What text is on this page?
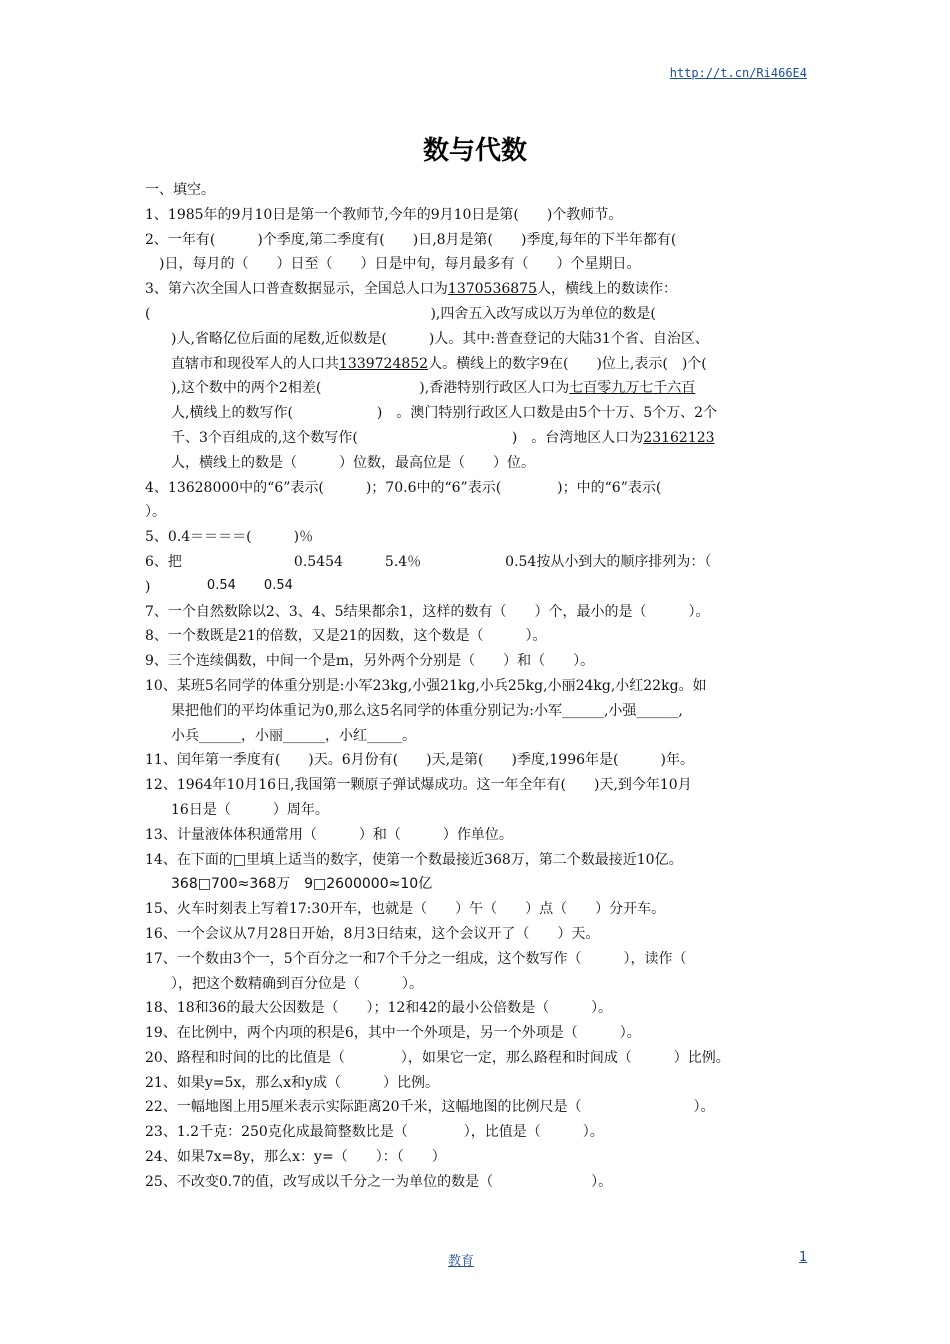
http://t.cn/Ri466E4
数与代数
一、填空。
1、1985年的9月10日是第一个教师节,今年的9月10日是第(　　)个教师节。
2、一年有(　　　)个季度,第二季度有(　　)日,8月是第(　　)季度,每年的下半年都有(
　)日，每月的（　　）日至（　　）日是中旬，每月最多有（　　）个星期日。
3、第六次全国人口普查数据显示，全国总人口为1370536875人，横线上的数读作：
(　　　　　　　　　　　　　　　　　　　　),四舍五入改写成以万为单位的数是(
)人,省略亿位后面的尾数,近似数是(　　　)人。其中:普查登记的大陆31个省、自治区、
直辖市和现役军人的人口共1339724852人。横线上的数字9在(　　)位上,表示(　)个(
),这个数中的两个2相差(　　　　　　　),香港特别行政区人口为七百零九万七千六百
人,横线上的数写作(　　　　　　)　。澳门特别行政区人口数是由5个十万、5个万、2个
千、3个百组成的,这个数写作(　　　　　　　　　　　)　。台湾地区人口为23162123
人，横线上的数是（　　　）位数，最高位是（　　）位。
4、13628000中的“6”表示(　　　)；70.6中的“6”表示(　　　　)；中的“6”表示(
）。
5、0.4＝＝＝＝(　　　)％
6、把
0.54̇ 0.54
0.5454　　　5.4％　　　　　　0.54按从小到大的顺序排列为：（
)
7、一个自然数除以2、3、4、5结果都余1，这样的数有（　　）个，最小的是（　　　）。
8、一个数既是21的倍数，又是21的因数，这个数是（　　　）。
9、三个连续偶数，中间一个是m，另外两个分别是（　　）和（　　）。
10、某班5名同学的体重分别是:小军23kg,小强21kg,小兵25kg,小丽24kg,小红22kg。如
果把他们的平均体重记为0,那么这5名同学的体重分别记为:小军______,小强______,
小兵______，小丽______，小红_____。
11、闰年第一季度有(　　)天。6月份有(　　)天,是第(　　)季度,1996年是(　　　)年。
12、1964年10月16日,我国第一颗原子弹试爆成功。这一年全年有(　　)天,到今年10月
16日是（　　　）周年。
13、计量液体体积通常用（　　　）和（　　　）作单位。
14、在下面的□里填上适当的数字，使第一个数最接近368万，第二个数最接近10亿。
368□700≈368万　9□2600000≈10亿
15、火车时刻表上写着17:30开车，也就是（　　）午（　　）点（　　）分开车。
16、一个会议从7月28日开始，8月3日结束，这个会议开了（　　）天。
17、一个数由3个一，5个百分之一和7个千分之一组成，这个数写作（　　　），读作（
），把这个数精确到百分位是（　　　）。
18、18和36的最大公因数是（　　）；12和42的最小公倍数是（　　　）。
19、在比例中，两个内项的积是6，其中一个外项是，另一个外项是（　　　）。
20、路程和时间的比的比值是（　　　　），如果它一定，那么路程和时间成（　　　）比例。
21、如果y=5x，那么x和y成（　　　）比例。
22、一幅地图上用5厘米表示实际距离20千米，这幅地图的比例尺是（　　　　　　　　）。
23、1.2千克：250克化成最简整数比是（　　　　），比值是（　　　）。
24、如果7x=8y，那么x：y=（　　）：（　　）
25、不改变0.7的值，改写成以千分之一为单位的数是（　　　　　　　）。
教育	1
